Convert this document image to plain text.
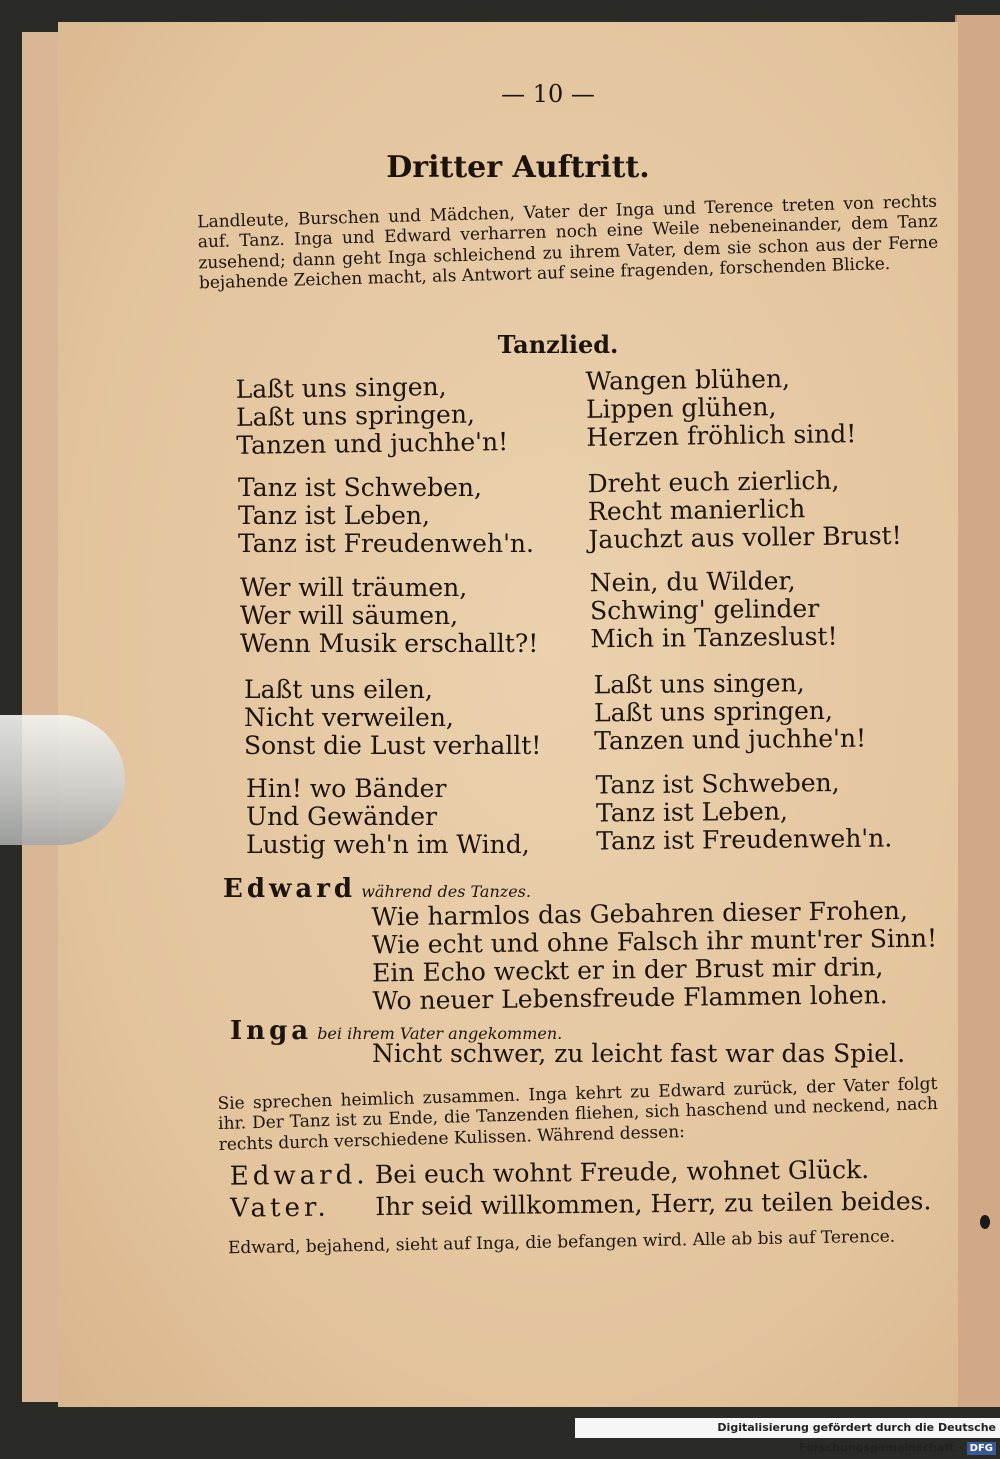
— 10 —
Dritter Auftritt.
Landleute, Burschen und Mädchen, Vater der Inga und Terence treten von rechts auf. Tanz. Inga und Edward verharren noch eine Weile nebeneinander, dem Tanz zusehend; dann geht Inga schleichend zu ihrem Vater, dem sie schon aus der Ferne bejahende Zeichen macht, als Antwort auf seine fragenden, forschenden Blicke.
Tanzlied.
Laßt uns singen,
Laßt uns springen,
Tanzen und juchhe'n!
Tanz ist Schweben,
Tanz ist Leben,
Tanz ist Freudenweh'n.
Wer will träumen,
Wer will säumen,
Wenn Musik erschallt?!
Laßt uns eilen,
Nicht verweilen,
Sonst die Lust verhallt!
Hin! wo Bänder
Und Gewänder
Lustig weh'n im Wind,
Wangen blühen,
Lippen glühen,
Herzen fröhlich sind!
Dreht euch zierlich,
Recht manierlich
Jauchzt aus voller Brust!
Nein, du Wilder,
Schwing' gelinder
Mich in Tanzeslust!
Laßt uns singen,
Laßt uns springen,
Tanzen und juchhe'n!
Tanz ist Schweben,
Tanz ist Leben,
Tanz ist Freudenweh'n.
Edward während des Tanzes.
Wie harmlos das Gebahren dieser Frohen,
Wie echt und ohne Falsch ihr munt'rer Sinn!
Ein Echo weckt er in der Brust mir drin,
Wo neuer Lebensfreude Flammen lohen.
Inga bei ihrem Vater angekommen.
Nicht schwer, zu leicht fast war das Spiel.
Sie sprechen heimlich zusammen. Inga kehrt zu Edward zurück, der Vater folgt ihr. Der Tanz ist zu Ende, die Tanzenden fliehen, sich haschend und neckend, nach rechts durch verschiedene Kulissen. Während dessen:
Edward. Bei euch wohnt Freude, wohnet Glück.
Vater. Ihr seid willkommen, Herr, zu teilen beides.
Edward, bejahend, sieht auf Inga, die befangen wird. Alle ab bis auf Terence.
Digitalisierung gefördert durch die Deutsche Forschungsgemeinschaft - DFG
